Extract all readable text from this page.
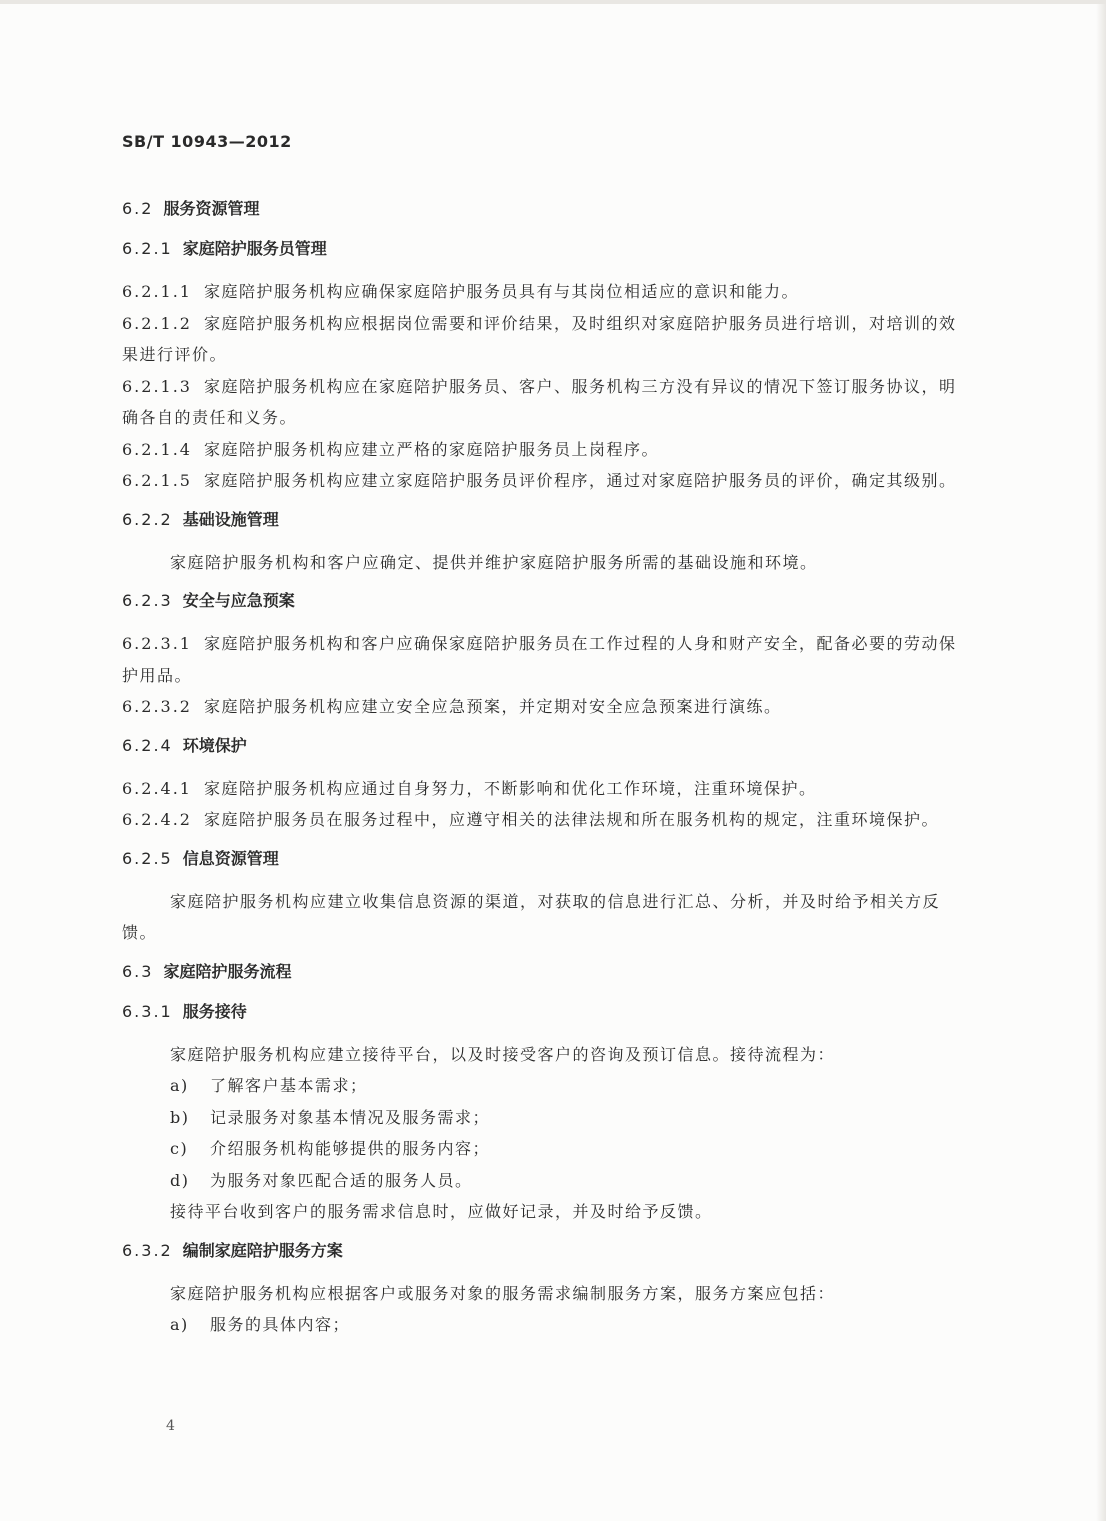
SB/T 10943—2012
6.2 服务资源管理
6.2.1 家庭陪护服务员管理

6.2.1.1 家庭陪护服务机构应确保家庭陪护服务员具有与其岗位相适应的意识和能力。

6.2.1.2 家庭陪护服务机构应根据岗位需要和评价结果，及时组织对家庭陪护服务员进行培训，对培训的效果进行评价。

6.2.1.3 家庭陪护服务机构应在家庭陪护服务员、客户、服务机构三方没有异议的情况下签订服务协议，明确各自的责任和义务。

6.2.1.4 家庭陪护服务机构应建立严格的家庭陪护服务员上岗程序。

6.2.1.5 家庭陪护服务机构应建立家庭陪护服务员评价程序，通过对家庭陪护服务员的评价，确定其级别。

6.2.2 基础设施管理

家庭陪护服务机构和客户应确定、提供并维护家庭陪护服务所需的基础设施和环境。

6.2.3 安全与应急预案

6.2.3.1 家庭陪护服务机构和客户应确保家庭陪护服务员在工作过程的人身和财产安全，配备必要的劳动保护用品。

6.2.3.2 家庭陪护服务机构应建立安全应急预案，并定期对安全应急预案进行演练。

6.2.4 环境保护

6.2.4.1 家庭陪护服务机构应通过自身努力，不断影响和优化工作环境，注重环境保护。

6.2.4.2 家庭陪护服务员在服务过程中，应遵守相关的法律法规和所在服务机构的规定，注重环境保护。

6.2.5 信息资源管理

家庭陪护服务机构应建立收集信息资源的渠道，对获取的信息进行汇总、分析，并及时给予相关方反馈。

6.3 家庭陪护服务流程
6.3.1 服务接待

家庭陪护服务机构应建立接待平台，以及时接受客户的咨询及预订信息。接待流程为：

a) 了解客户基本需求；
b) 记录服务对象基本情况及服务需求；
c) 介绍服务机构能够提供的服务内容；
d) 为服务对象匹配合适的服务人员。

接待平台收到客户的服务需求信息时，应做好记录，并及时给予反馈。

6.3.2 编制家庭陪护服务方案

家庭陪护服务机构应根据客户或服务对象的服务需求编制服务方案，服务方案应包括：

a) 服务的具体内容；
4
